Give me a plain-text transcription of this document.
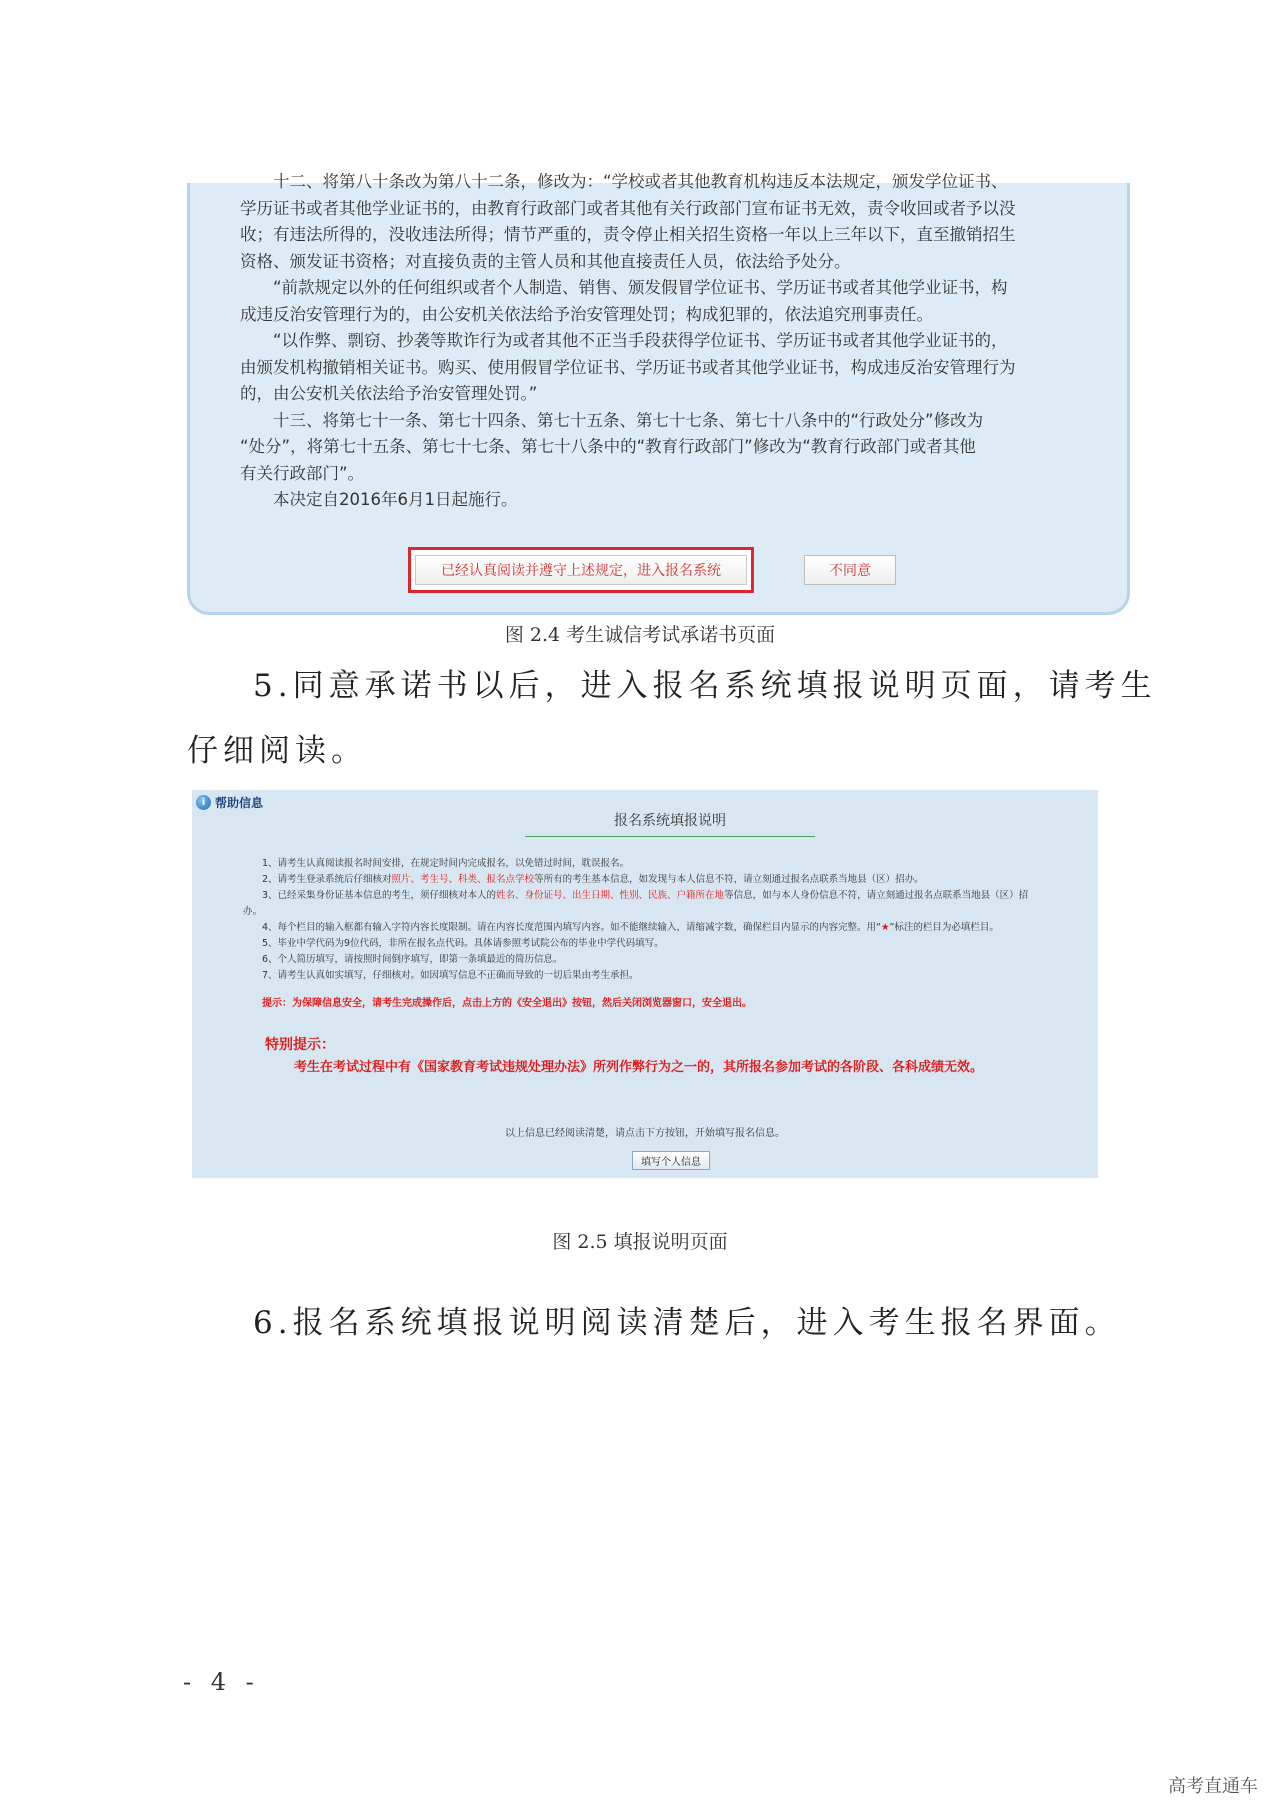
十二、将第八十条改为第八十二条，修改为：“学校或者其他教育机构违反本法规定，颁发学位证书、

学历证书或者其他学业证书的，由教育行政部门或者其他有关行政部门宣布证书无效，责令收回或者予以没

收；有违法所得的，没收违法所得；情节严重的，责令停止相关招生资格一年以上三年以下，直至撤销招生

资格、颁发证书资格；对直接负责的主管人员和其他直接责任人员，依法给予处分。

“前款规定以外的任何组织或者个人制造、销售、颁发假冒学位证书、学历证书或者其他学业证书，构

成违反治安管理行为的，由公安机关依法给予治安管理处罚；构成犯罪的，依法追究刑事责任。

“以作弊、剽窃、抄袭等欺诈行为或者其他不正当手段获得学位证书、学历证书或者其他学业证书的，

由颁发机构撤销相关证书。购买、使用假冒学位证书、学历证书或者其他学业证书，构成违反治安管理行为

的，由公安机关依法给予治安管理处罚。”

十三、将第七十一条、第七十四条、第七十五条、第七十七条、第七十八条中的“行政处分”修改为

“处分”，将第七十五条、第七十七条、第七十八条中的“教育行政部门”修改为“教育行政部门或者其他

有关行政部门”。

本决定自2016年6月1日起施行。

已经认真阅读并遵守上述规定，进入报名系统	不同意
图 2.4 考生诚信考试承诺书页面
5.同意承诺书以后，进入报名系统填报说明页面，请考生
仔细阅读。
i 帮助信息
报名系统填报说明

1、请考生认真阅读报名时间安排，在规定时间内完成报名，以免错过时间，耽误报名。

2、请考生登录系统后仔细核对照片、考生号、科类、报名点学校等所有的考生基本信息，如发现与本人信息不符，请立刻通过报名点联系当地县（区）招办。

3、已经采集身份证基本信息的考生，须仔细核对本人的姓名、身份证号、出生日期、性别、民族、户籍所在地等信息，如与本人身份信息不符，请立刻通过报名点联系当地县（区）招

办。

4、每个栏目的输入框都有输入字符内容长度限制。请在内容长度范围内填写内容。如不能继续输入，请缩减字数，确保栏目内显示的内容完整。用“★”标注的栏目为必填栏目。

5、毕业中学代码为9位代码，非所在报名点代码。具体请参照考试院公布的毕业中学代码填写。

6、个人简历填写，请按照时间倒序填写，即第一条填最近的简历信息。

7、请考生认真如实填写，仔细核对。如因填写信息不正确而导致的一切后果由考生承担。

提示：为保障信息安全，请考生完成操作后，点击上方的《安全退出》按钮，然后关闭浏览器窗口，安全退出。
特别提示：
考生在考试过程中有《国家教育考试违规处理办法》所列作弊行为之一的，其所报名参加考试的各阶段、各科成绩无效。
以上信息已经阅读清楚，请点击下方按钮，开始填写报名信息。
填写个人信息
图 2.5 填报说明页面
6.报名系统填报说明阅读清楚后，进入考生报名界面。
- 4 -
高考直通车
